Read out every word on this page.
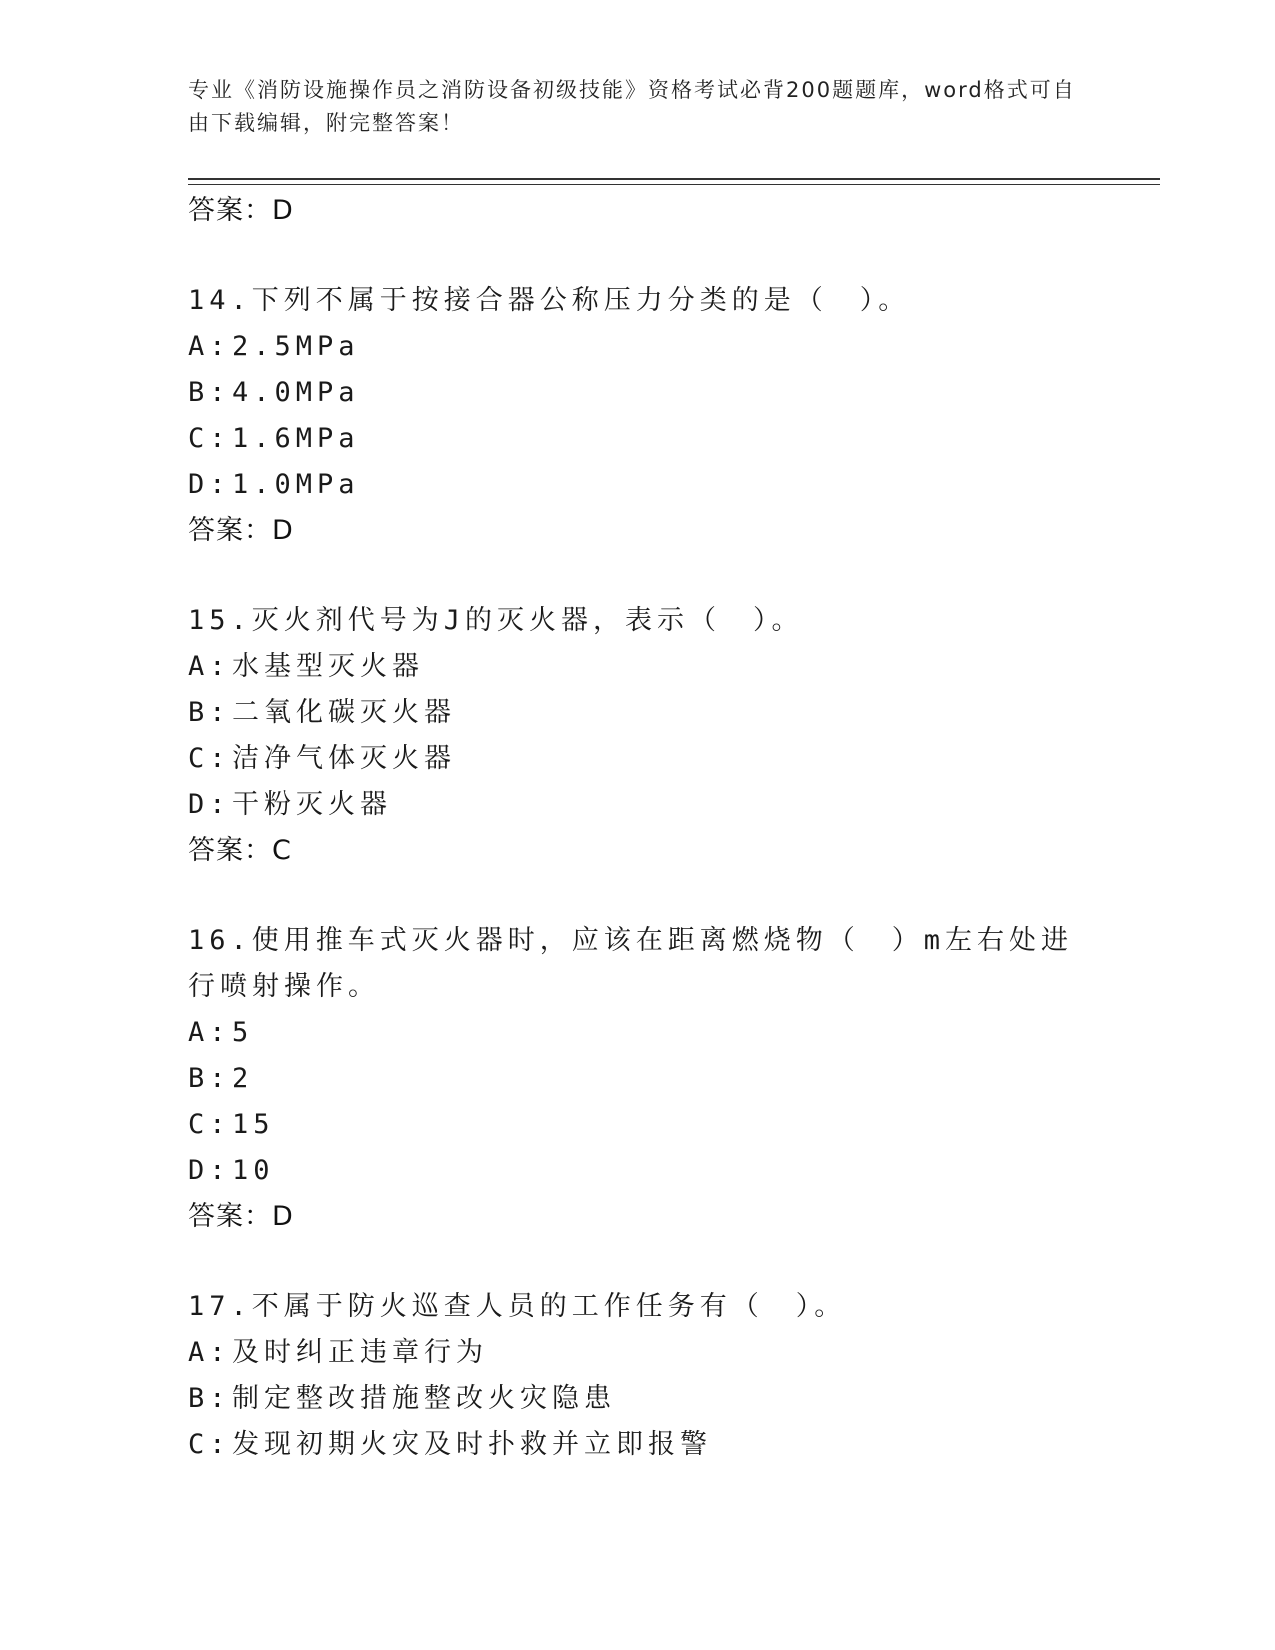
专业《消防设施操作员之消防设备初级技能》资格考试必背200题题库，word格式可自由下载编辑，附完整答案！
答案：D
14.下列不属于按接合器公称压力分类的是（　）。
A:2.5MPa
B:4.0MPa
C:1.6MPa
D:1.0MPa
答案：D
15.灭火剂代号为J的灭火器，表示（　）。
A:水基型灭火器
B:二氧化碳灭火器
C:洁净气体灭火器
D:干粉灭火器
答案：C
16.使用推车式灭火器时，应该在距离燃烧物（　）m左右处进行喷射操作。
A:5
B:2
C:15
D:10
答案：D
17.不属于防火巡查人员的工作任务有（　）。
A:及时纠正违章行为
B:制定整改措施整改火灾隐患
C:发现初期火灾及时扑救并立即报警
